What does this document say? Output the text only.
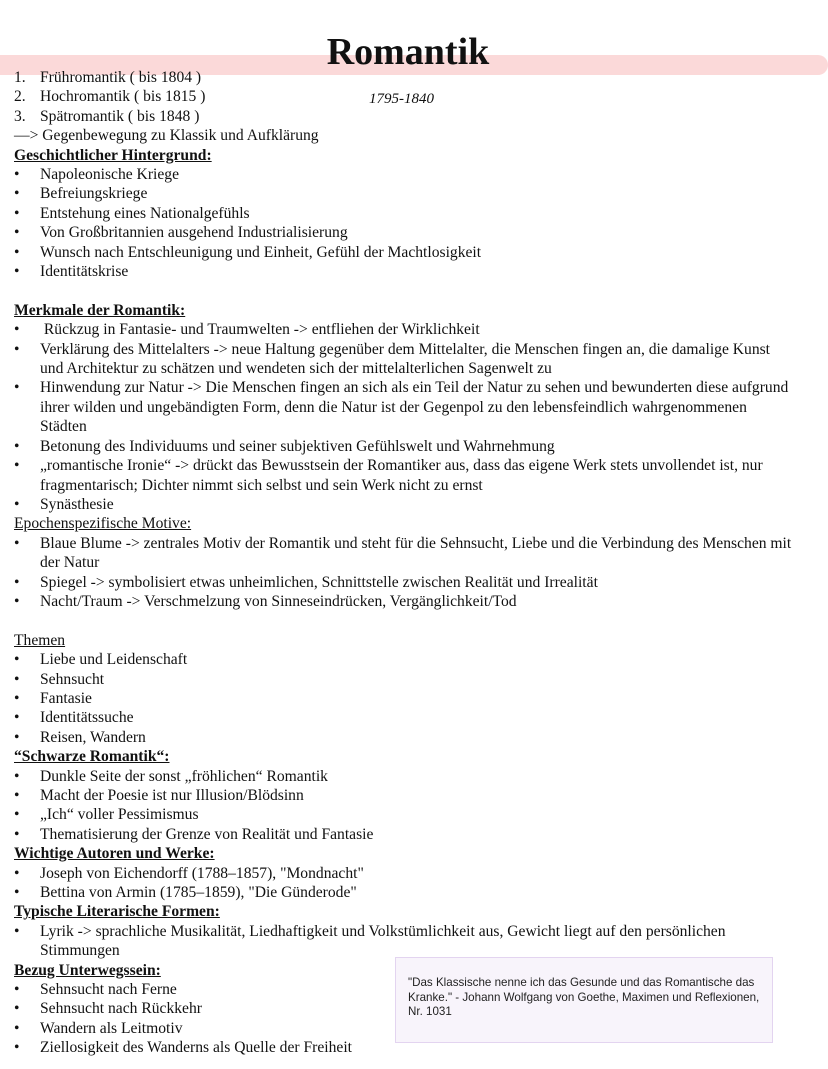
Romantik
1795-1840
1. Frühromantik ( bis 1804 )
2. Hochromantik ( bis 1815 )
3. Spätromantik ( bis 1848 )
—> Gegenbewegung zu Klassik und Aufklärung
Geschichtlicher Hintergrund:
•	Napoleonische Kriege
•	Befreiungskriege
•	Entstehung eines Nationalgefühls
•	Von Großbritannien ausgehend Industrialisierung
•	Wunsch nach Entschleunigung und Einheit, Gefühl der Machtlosigkeit
•	Identitätskrise
Merkmale der Romantik:
•	Rückzug in Fantasie- und Traumwelten -> entfliehen der Wirklichkeit
•	Verklärung des Mittelalters -> neue Haltung gegenüber dem Mittelalter, die Menschen fingen an, die damalige Kunst und Architektur zu schätzen und wendeten sich der mittelalterlichen Sagenwelt zu
•	Hinwendung zur Natur -> Die Menschen fingen an sich als ein Teil der Natur zu sehen und bewunderten diese aufgrund ihrer wilden und ungebändigten Form, denn die Natur ist der Gegenpol zu den lebensfeindlich wahrgenommenen Städten
•	Betonung des Individuums und seiner subjektiven Gefühlswelt und Wahrnehmung
•	„romantische Ironie“ -> drückt das Bewusstsein der Romantiker aus, dass das eigene Werk stets unvollendet ist, nur fragmentarisch; Dichter nimmt sich selbst und sein Werk nicht zu ernst
•	Synästhesie
Epochenspezifische Motive:
•	Blaue Blume -> zentrales Motiv der Romantik und steht für die Sehnsucht, Liebe und die Verbindung des Menschen mit der Natur
•	Spiegel -> symbolisiert etwas unheimlichen, Schnittstelle zwischen Realität und Irrealität
•	Nacht/Traum -> Verschmelzung von Sinneseindrücken, Vergänglichkeit/Tod
Themen
•	Liebe und Leidenschaft
•	Sehnsucht
•	Fantasie
•	Identitätssuche
•	Reisen, Wandern
“Schwarze Romantik“:
•	Dunkle Seite der sonst „fröhlichen“ Romantik
•	Macht der Poesie ist nur Illusion/Blödsinn
•	„Ich“ voller Pessimismus
•	Thematisierung der Grenze von Realität und Fantasie
Wichtige Autoren und Werke:
•	Joseph von Eichendorff (1788–1857), "Mondnacht"
•	Bettina von Armin (1785–1859), "Die Günderode"
Typische Literarische Formen:
•	Lyrik -> sprachliche Musikalität, Liedhaftigkeit und Volkstümlichkeit aus, Gewicht liegt auf den persönlichen Stimmungen
Bezug Unterwegssein:
•	Sehnsucht nach Ferne
•	Sehnsucht nach Rückkehr
•	Wandern als Leitmotiv
•	Ziellosigkeit des Wanderns als Quelle der Freiheit
"Das Klassische nenne ich das Gesunde und das Romantische das Kranke." - Johann Wolfgang von Goethe, Maximen und Reflexionen, Nr. 1031
